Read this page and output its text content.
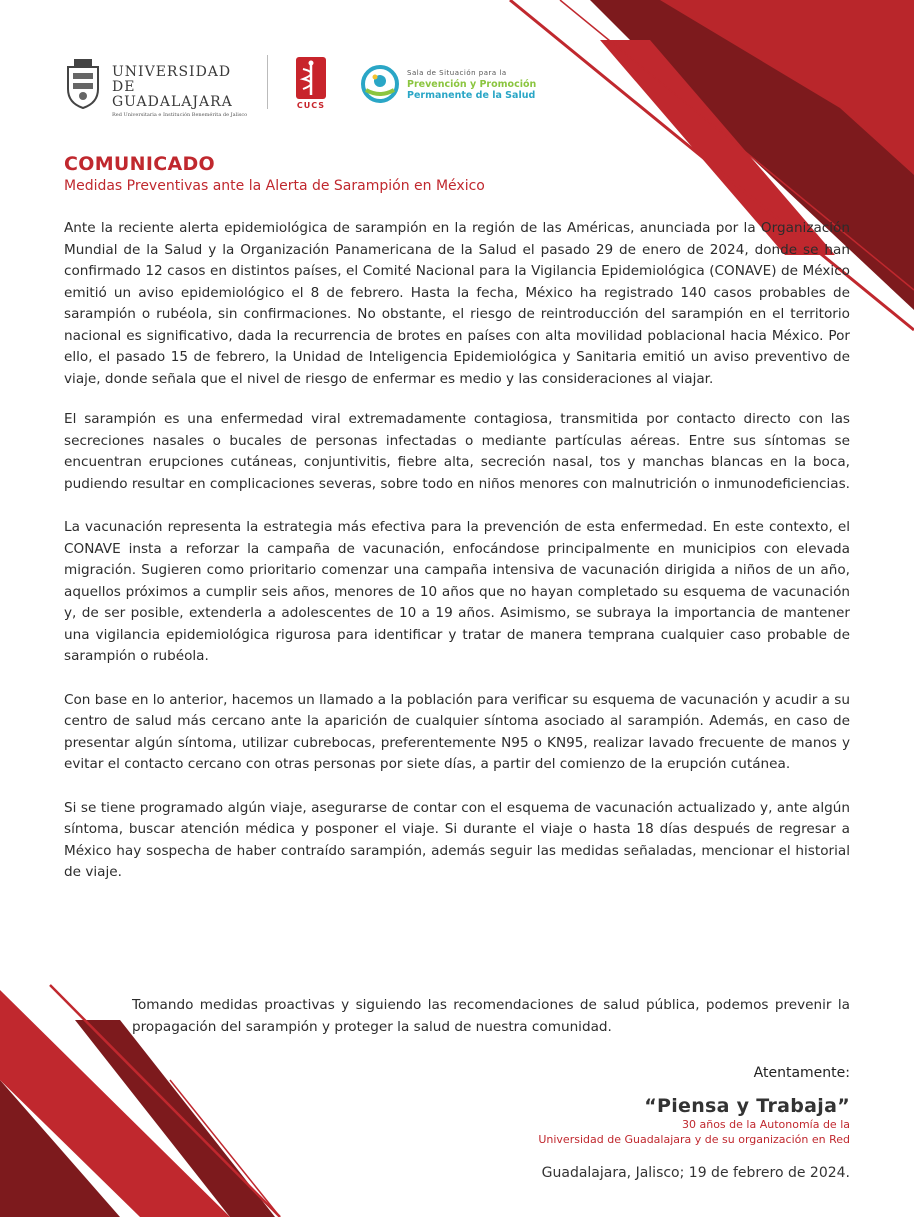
UNIVERSIDAD DE
GUADALAJARA
Red Universitaria e Institución Benemérita de Jalisco
CUCS
Sala de Situación para la
Prevención y Promoción
Permanente de la Salud
COMUNICADO
Medidas Preventivas ante la Alerta de Sarampión en México

Ante la reciente alerta epidemiológica de sarampión en la región de las Américas, anunciada por la Organización Mundial de la Salud y la Organización Panamericana de la Salud el pasado 29 de enero de 2024, donde se han confirmado 12 casos en distintos países, el Comité Nacional para la Vigilancia Epidemiológica (CONAVE) de México emitió un aviso epidemiológico el 8 de febrero. Hasta la fecha, México ha registrado 140 casos probables de sarampión o rubéola, sin confirmaciones. No obstante, el riesgo de reintroducción del sarampión en el territorio nacional es significativo, dada la recurrencia de brotes en países con alta movilidad poblacional hacia México. Por ello, el pasado 15 de febrero, la Unidad de Inteligencia Epidemiológica y Sanitaria emitió un aviso preventivo de viaje, donde señala que el nivel de riesgo de enfermar es medio y las consideraciones al viajar.

El sarampión es una enfermedad viral extremadamente contagiosa, transmitida por contacto directo con las secreciones nasales o bucales de personas infectadas o mediante partículas aéreas. Entre sus síntomas se encuentran erupciones cutáneas, conjuntivitis, fiebre alta, secreción nasal, tos y manchas blancas en la boca, pudiendo resultar en complicaciones severas, sobre todo en niños menores con malnutrición o inmunodeficiencias.

La vacunación representa la estrategia más efectiva para la prevención de esta enfermedad. En este contexto, el CONAVE insta a reforzar la campaña de vacunación, enfocándose principalmente en municipios con elevada migración. Sugieren como prioritario comenzar una campaña intensiva de vacunación dirigida a niños de un año, aquellos próximos a cumplir seis años, menores de 10 años que no hayan completado su esquema de vacunación y, de ser posible, extenderla a adolescentes de 10 a 19 años. Asimismo, se subraya la importancia de mantener una vigilancia epidemiológica rigurosa para identificar y tratar de manera temprana cualquier caso probable de sarampión o rubéola.

Con base en lo anterior, hacemos un llamado a la población para verificar su esquema de vacunación y acudir a su centro de salud más cercano ante la aparición de cualquier síntoma asociado al sarampión. Además, en caso de presentar algún síntoma, utilizar cubrebocas, preferentemente N95 o KN95, realizar lavado frecuente de manos y evitar el contacto cercano con otras personas por siete días, a partir del comienzo de la erupción cutánea.

Si se tiene programado algún viaje, asegurarse de contar con el esquema de vacunación actualizado y, ante algún síntoma, buscar atención médica y posponer el viaje. Si durante el viaje o hasta 18 días después de regresar a México hay sospecha de haber contraído sarampión, además seguir las medidas señaladas, mencionar el historial de viaje.

Tomando medidas proactivas y siguiendo las recomendaciones de salud pública, podemos prevenir la propagación del sarampión y proteger la salud de nuestra comunidad.

Atentamente:
“Piensa y Trabaja”
30 años de la Autonomía de la
Universidad de Guadalajara y de su organización en Red
Guadalajara, Jalisco; 19 de febrero de 2024.
